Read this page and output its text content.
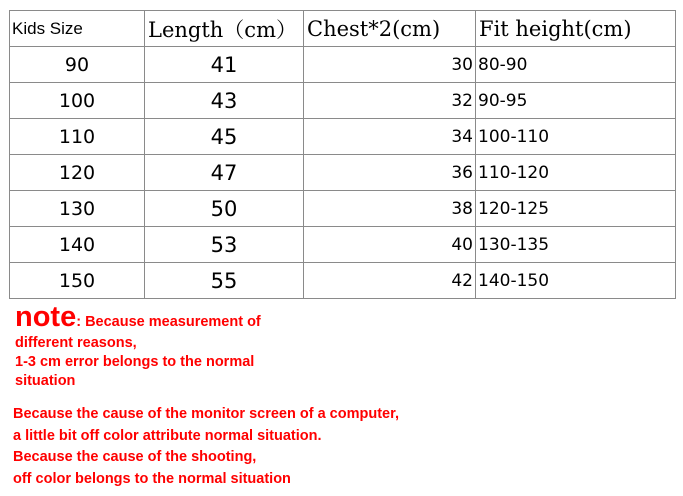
Kids Size	Length（cm）	Chest*2(cm)	Fit height(cm)
90	41	30	80-90
100	43	32	90-95
110	45	34	100-110
120	47	36	110-120
130	50	38	120-125
140	53	40	130-135
150	55	42	140-150
note: Because measurement of
different reasons,
1-3 cm error belongs to the normal
situation
Because the cause of the monitor screen of a computer,
a little bit off color attribute normal situation.
Because the cause of the shooting,
off color belongs to the normal situation
